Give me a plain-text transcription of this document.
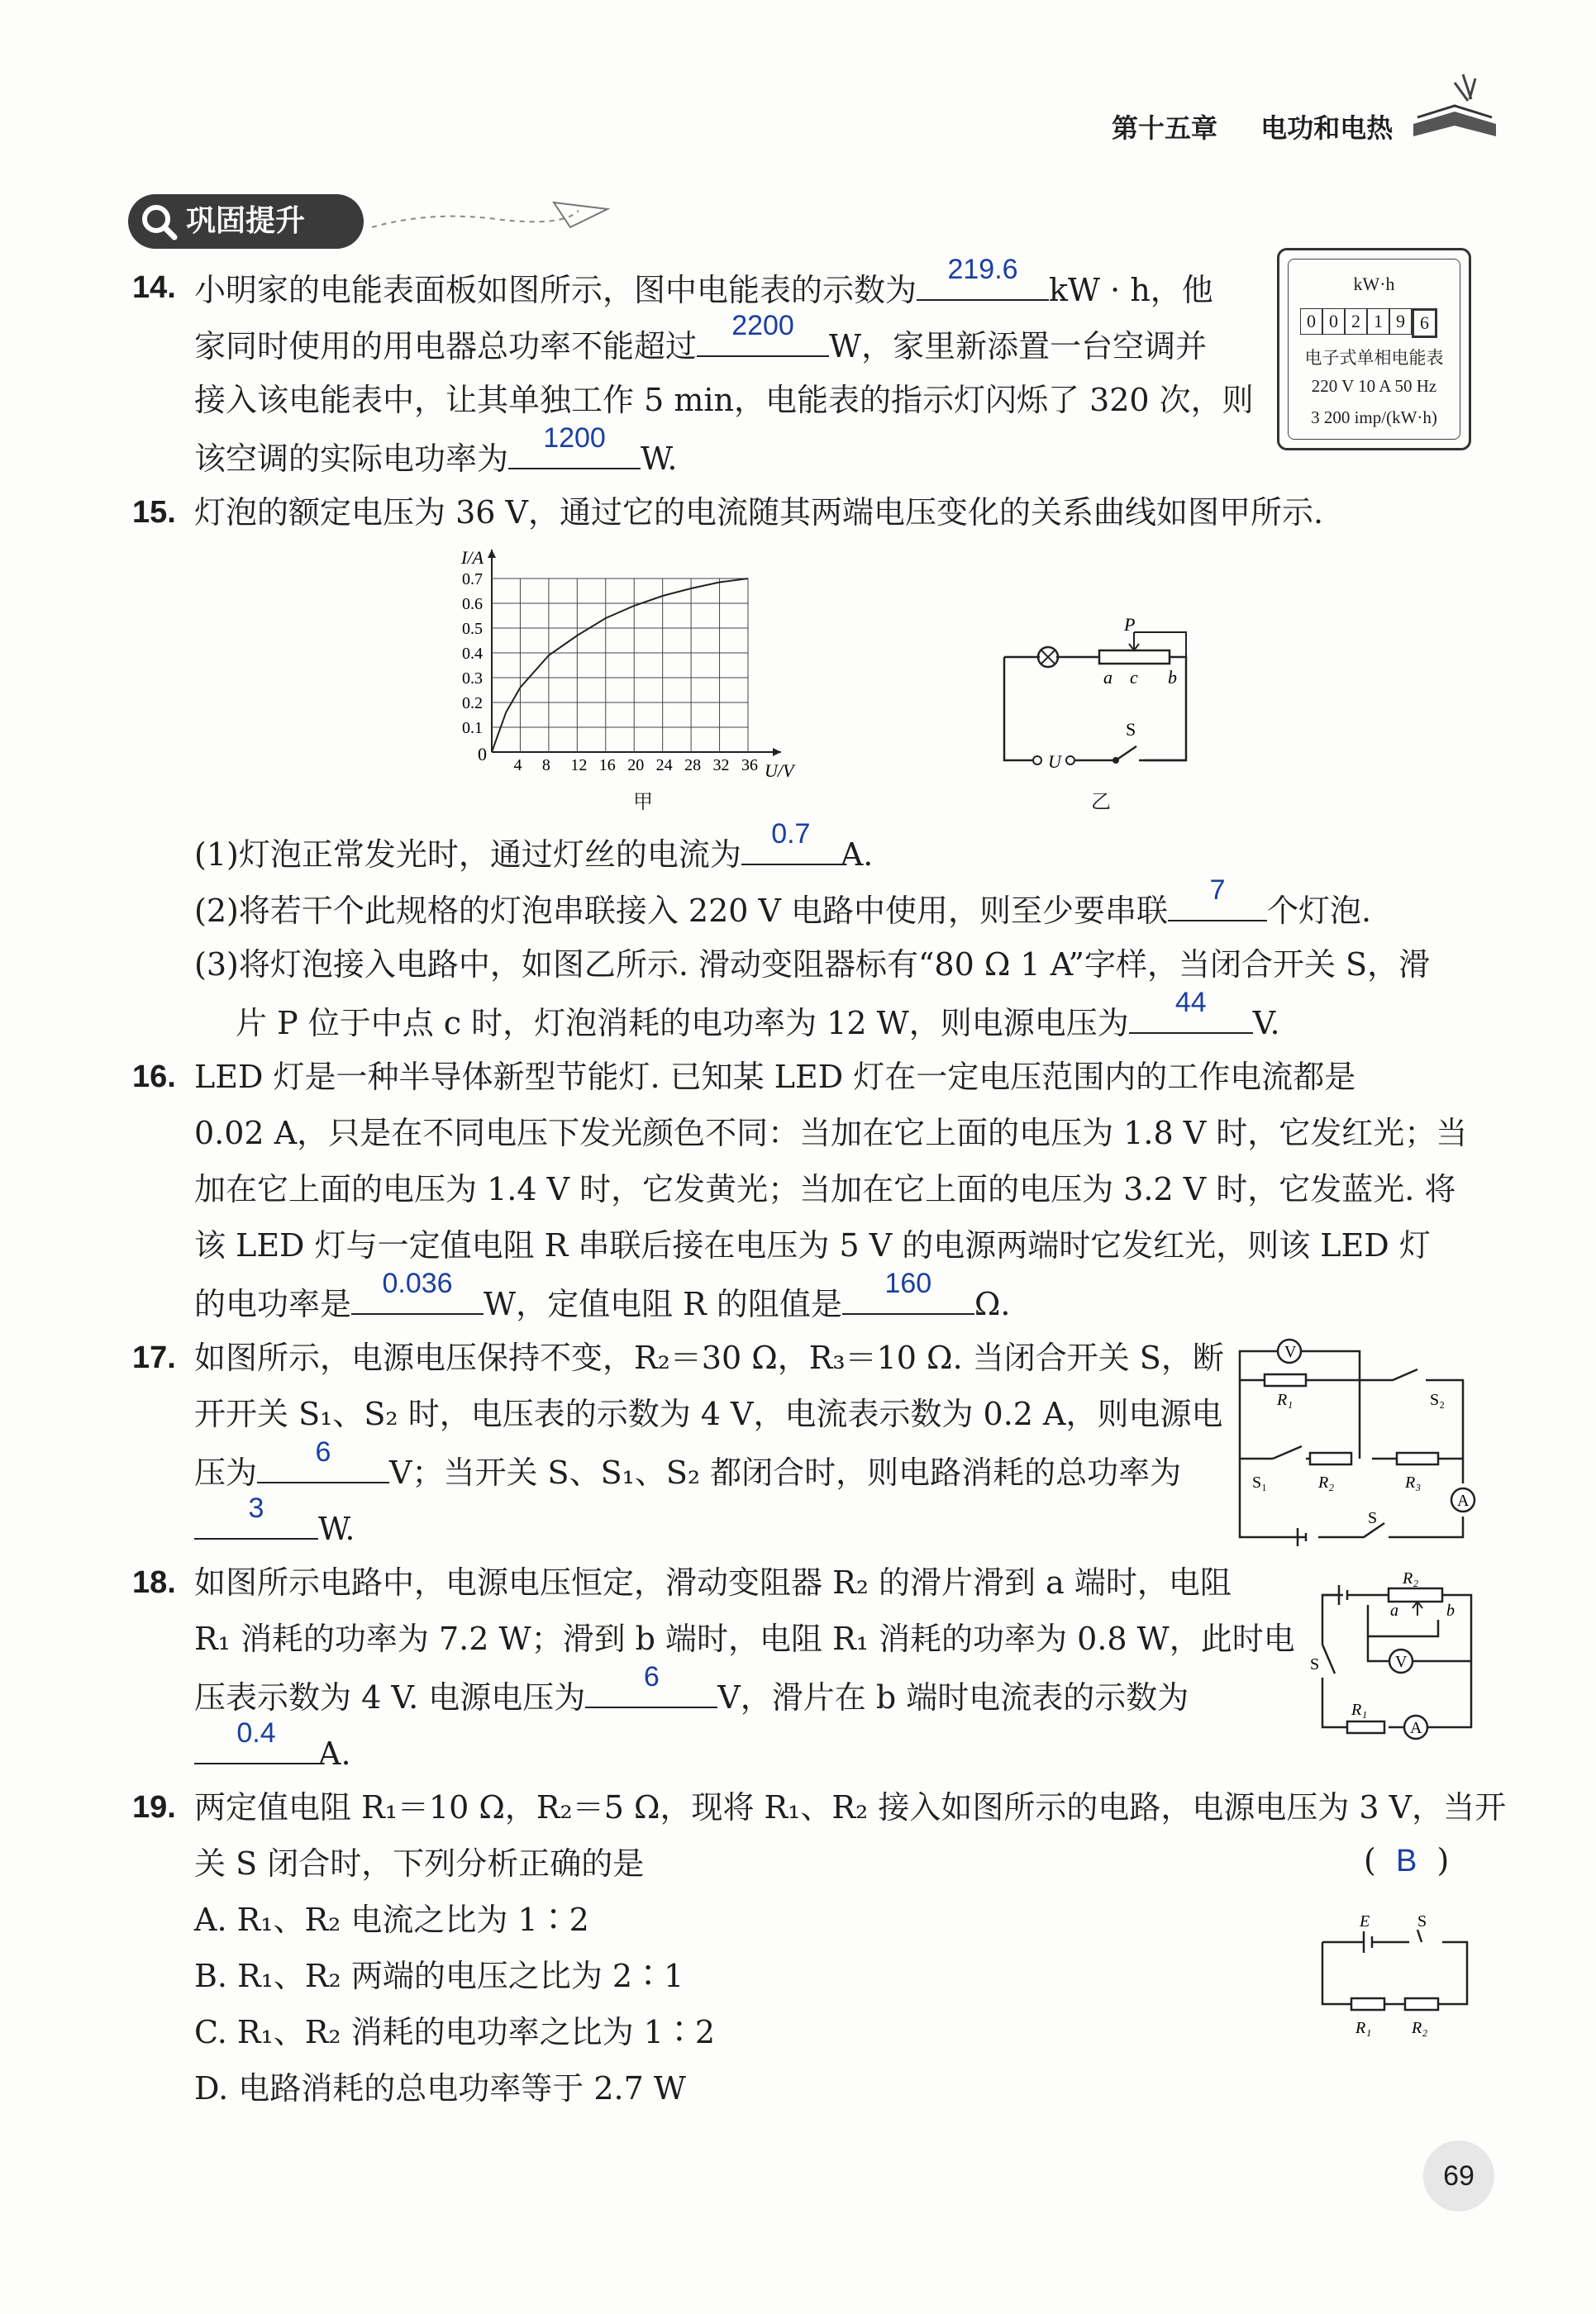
第十五章 电功和电热
巩固提升
14. 小明家的电能表面板如图所示，图中电能表的示数为
219.6
kW · h，他
家同时使用的用电器总功率不能超过
2200
W，家里新添置一台空调并
接入该电能表中，让其单独工作 5 min，电能表的指示灯闪烁了 320 次，则
该空调的实际电功率为
1200
W.
kW·h
0 0 2 1 9 6
电子式单相电能表
220 V 10 A 50 Hz
3 200 imp/(kW·h)
15. 灯泡的额定电压为 36 V，通过它的电流随其两端电压变化的关系曲线如图甲所示.
4 8 12 16 20 24 28 32 36
0.1
0.2
0.3
0.4
0.5
0.6
0.7
I/A
U/V
0
甲
P
a c b
U
S
乙
(1)灯泡正常发光时，通过灯丝的电流为
0.7
A.
(2)将若干个此规格的灯泡串联接入 220 V 电路中使用，则至少要串联
7
个灯泡.
(3)将灯泡接入电路中，如图乙所示. 滑动变阻器标有“80 Ω 1 A”字样，当闭合开关 S，滑
片 P 位于中点 c 时，灯泡消耗的电功率为 12 W，则电源电压为
44
V.
16. LED 灯是一种半导体新型节能灯. 已知某 LED 灯在一定电压范围内的工作电流都是
0.02 A，只是在不同电压下发光颜色不同：当加在它上面的电压为 1.8 V 时，它发红光；当
加在它上面的电压为 1.4 V 时，它发黄光；当加在它上面的电压为 3.2 V 时，它发蓝光. 将
该 LED 灯与一定值电阻 R 串联后接在电压为 5 V 的电源两端时它发红光，则该 LED 灯
的电功率是
0.036
W，定值电阻 R 的阻值是
160
Ω.
17. 如图所示，电源电压保持不变，R₂＝30 Ω，R₃＝10 Ω. 当闭合开关 S，断
开开关 S₁、S₂ 时，电压表的示数为 4 V，电流表示数为 0.2 A，则电源电
压为
6
V；当开关 S、S₁、S₂ 都闭合时，则电路消耗的总功率为
3
W.
V
R₁	S₂
S₁	R₂	R₃
A
S
18. 如图所示电路中，电源电压恒定，滑动变阻器 R₂ 的滑片滑到 a 端时，电阻
R₁ 消耗的功率为 7.2 W；滑到 b 端时，电阻 R₁ 消耗的功率为 0.8 W，此时电
压表示数为 4 V. 电源电压为
6
V，滑片在 b 端时电流表的示数为
0.4
A.
R₂
a	b
S	V
R₁
A
19. 两定值电阻 R₁＝10 Ω，R₂＝5 Ω，现将 R₁、R₂ 接入如图所示的电路，电源电压为 3 V，当开
关 S 闭合时，下列分析正确的是	(  B  )
A. R₁、R₂ 电流之比为 1∶2
B. R₁、R₂ 两端的电压之比为 2∶1
C. R₁、R₂ 消耗的电功率之比为 1∶2
D. 电路消耗的总电功率等于 2.7 W
E	S
R₁ R₂
69
